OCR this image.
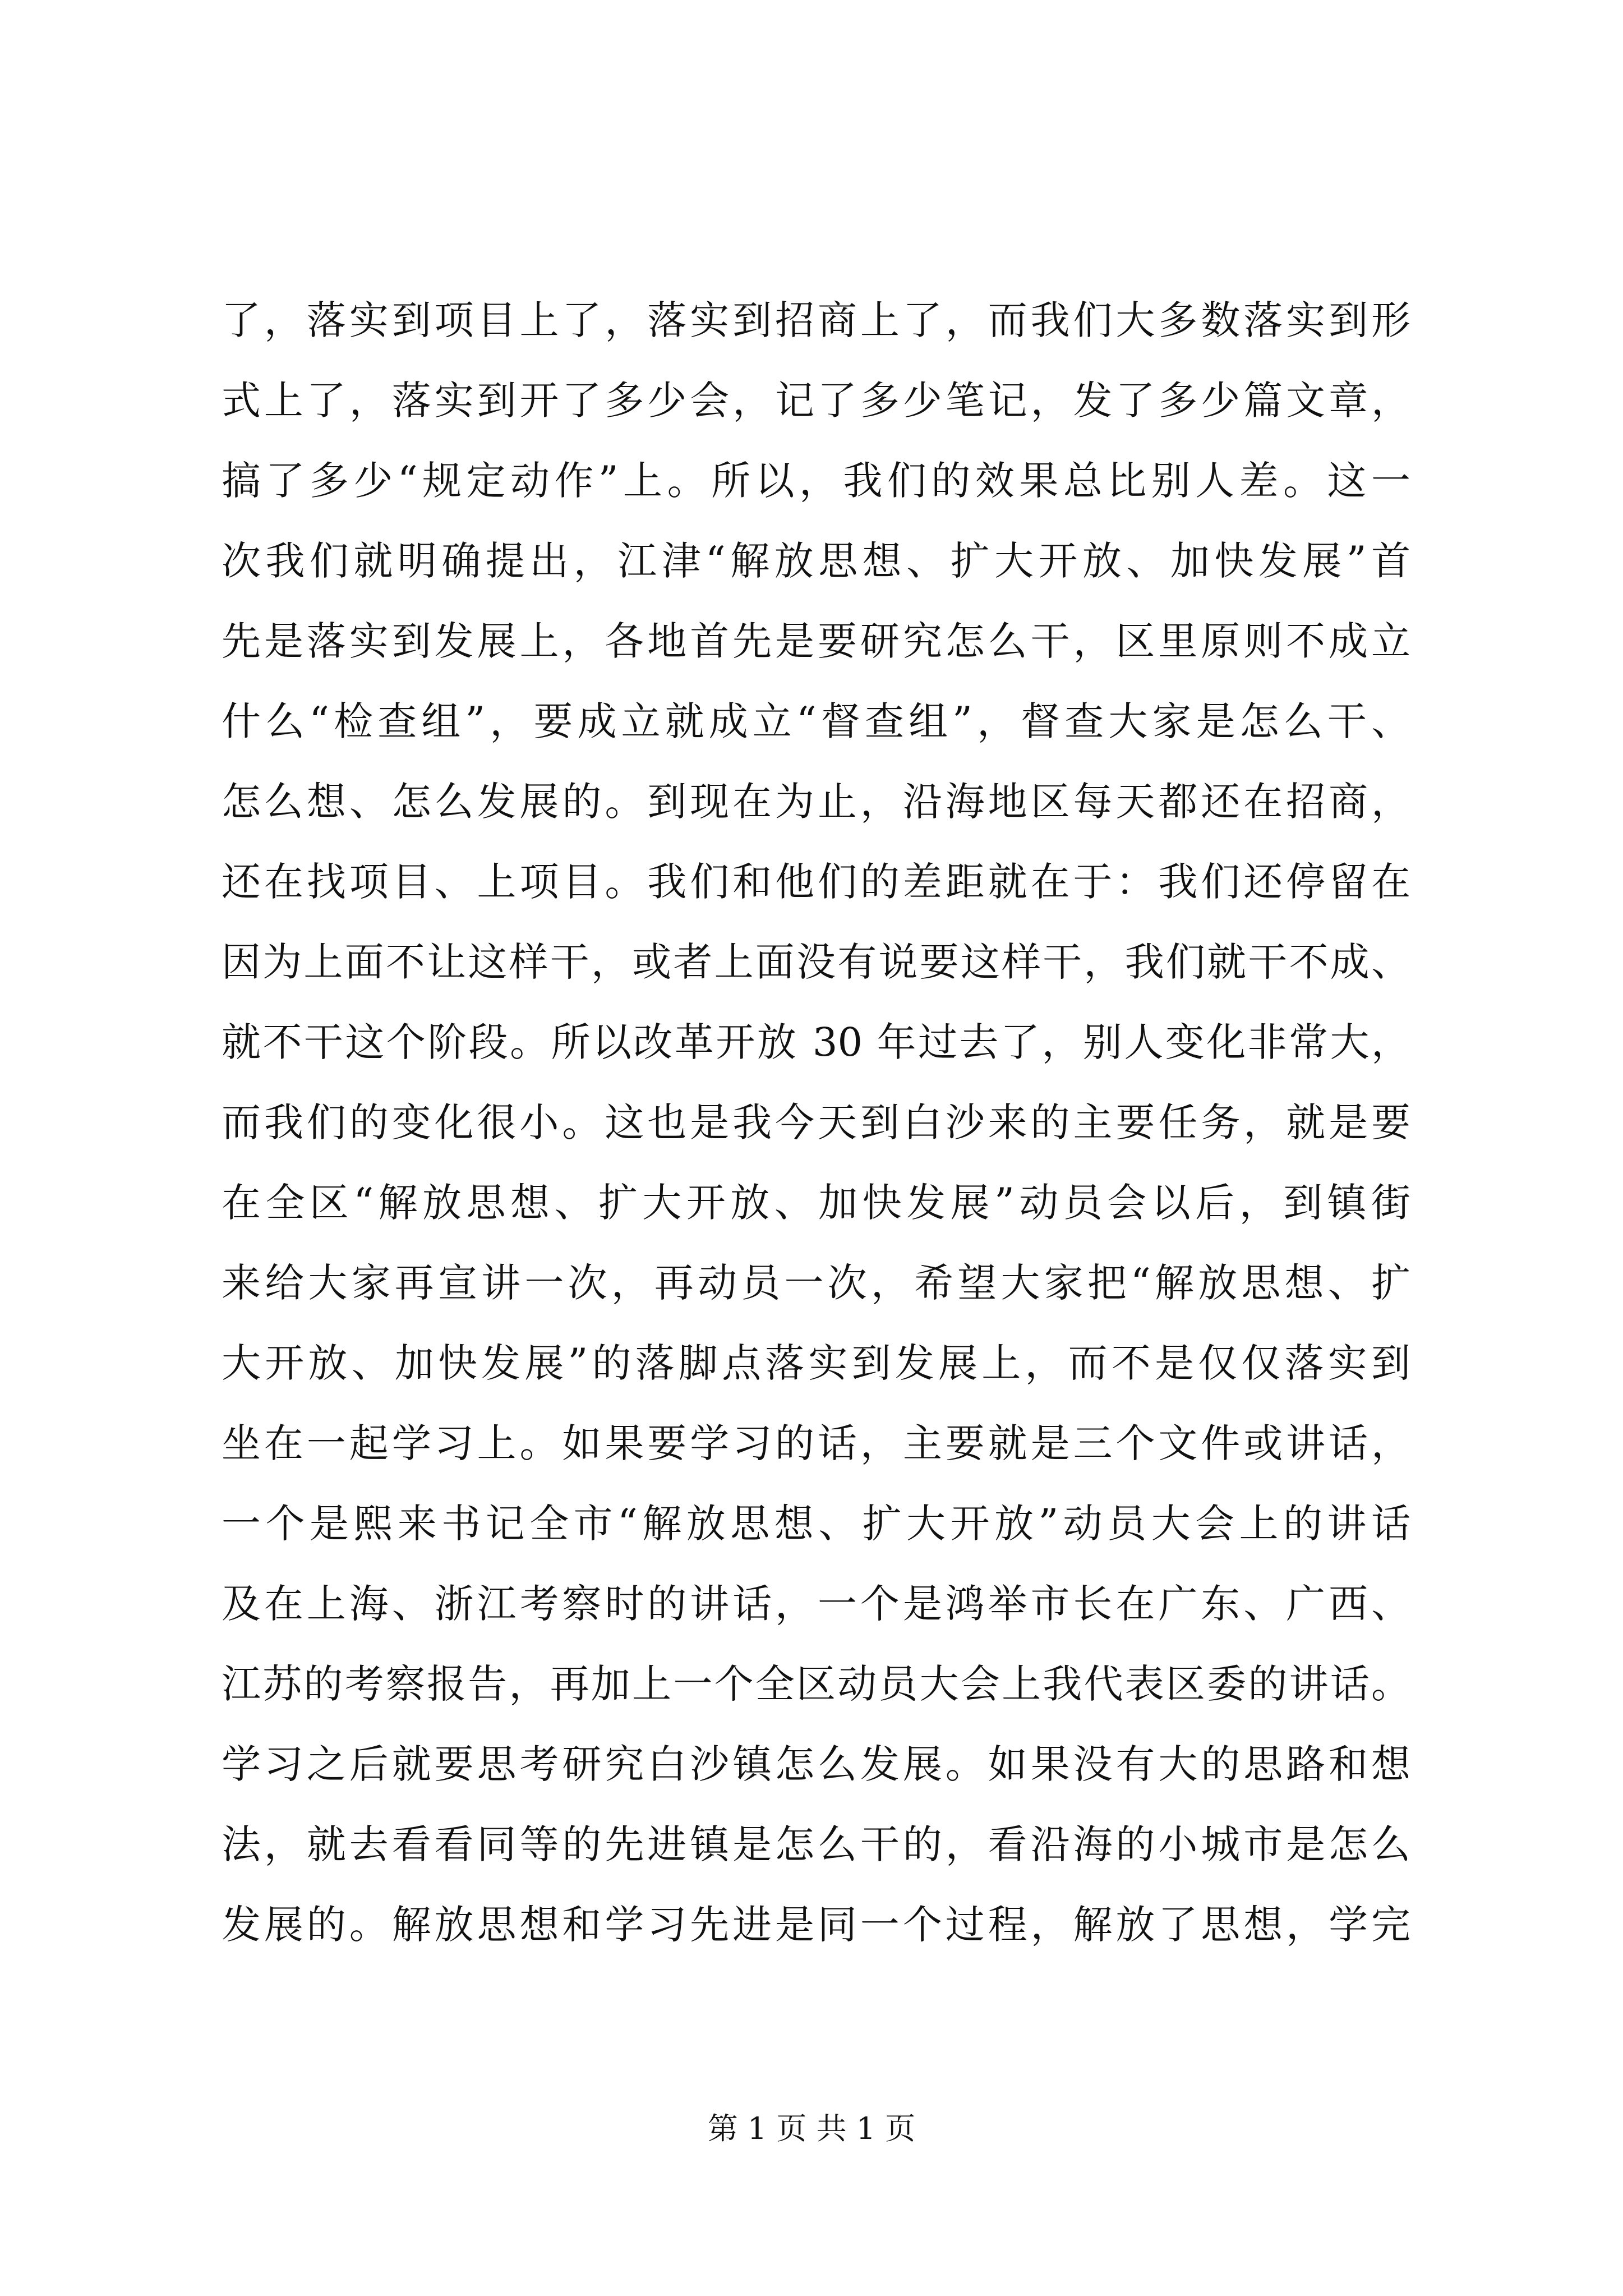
了，落实到项目上了，落实到招商上了，而我们大多数落实到形
式上了，落实到开了多少会，记了多少笔记，发了多少篇文章，
搞了多少“规定动作”上。所以，我们的效果总比别人差。这一
次我们就明确提出，江津“解放思想、扩大开放、加快发展”首
先是落实到发展上，各地首先是要研究怎么干，区里原则不成立
什么“检查组”，要成立就成立“督查组”，督查大家是怎么干、
怎么想、怎么发展的。到现在为止，沿海地区每天都还在招商，
还在找项目、上项目。我们和他们的差距就在于：我们还停留在
因为上面不让这样干，或者上面没有说要这样干，我们就干不成、
就不干这个阶段。所以改革开放 30 年过去了，别人变化非常大，
而我们的变化很小。这也是我今天到白沙来的主要任务，就是要
在全区“解放思想、扩大开放、加快发展”动员会以后，到镇街
来给大家再宣讲一次，再动员一次，希望大家把“解放思想、扩
大开放、加快发展”的落脚点落实到发展上，而不是仅仅落实到
坐在一起学习上。如果要学习的话，主要就是三个文件或讲话，
一个是熙来书记全市“解放思想、扩大开放”动员大会上的讲话
及在上海、浙江考察时的讲话，一个是鸿举市长在广东、广西、
江苏的考察报告，再加上一个全区动员大会上我代表区委的讲话。
学习之后就要思考研究白沙镇怎么发展。如果没有大的思路和想
法，就去看看同等的先进镇是怎么干的，看沿海的小城市是怎么
发展的。解放思想和学习先进是同一个过程，解放了思想，学完
第 1 页 共 1 页
